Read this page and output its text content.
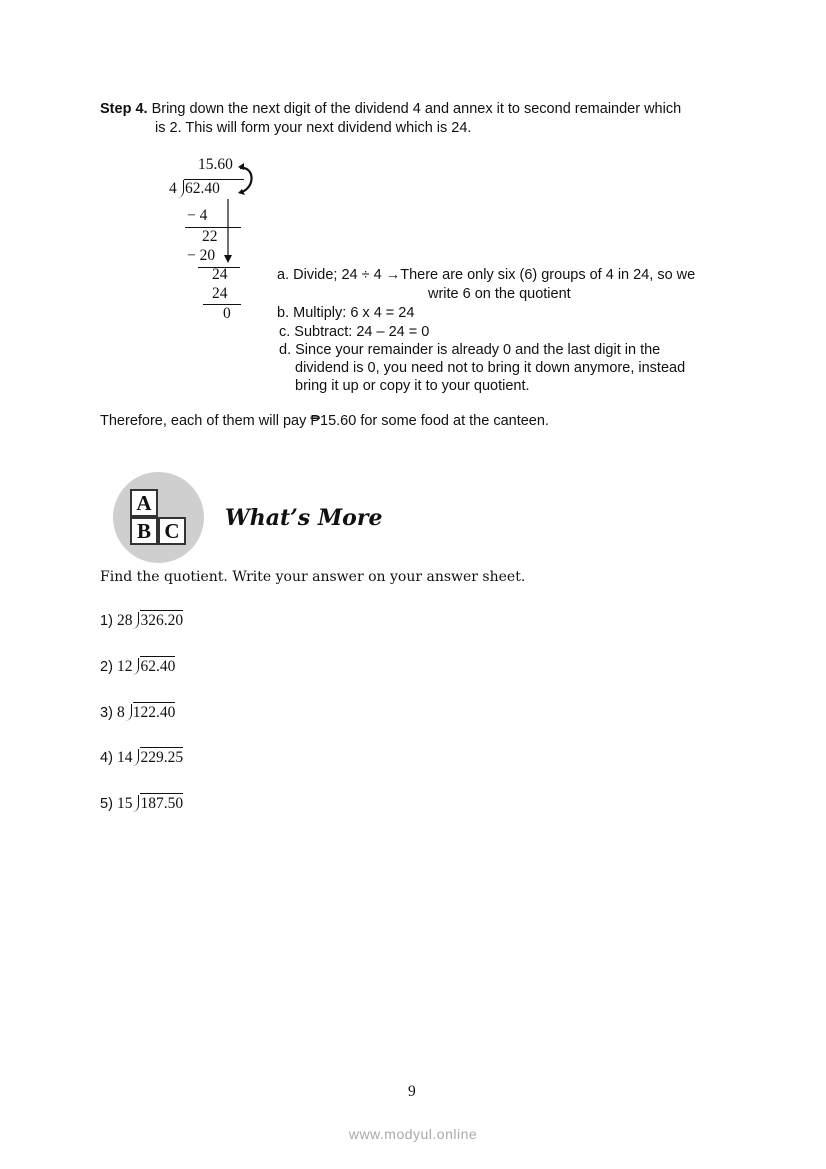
Step 4. Bring down the next digit of the dividend 4 and annex it to second remainder which
is 2. This will form your next dividend which is 24.
15.60
4 62.40
− 4
22
− 20
24
24
0
a. Divide; 24 ÷ 4 →There are only six (6) groups of 4 in 24, so we
write 6 on the quotient
b. Multiply: 6 x 4 = 24
c. Subtract: 24 – 24 = 0
d. Since your remainder is already 0 and the last digit in the
dividend is 0, you need not to bring it down anymore, instead
bring it up or copy it to your quotient.
Therefore, each of them will pay ₱15.60 for some food at the canteen.
A
B C What’s More
Find the quotient. Write your answer on your answer sheet.
1) 28 326.20
2) 12 62.40
3) 8 122.40
4) 14 229.25
5) 15 187.50
9
www.modyul.online
